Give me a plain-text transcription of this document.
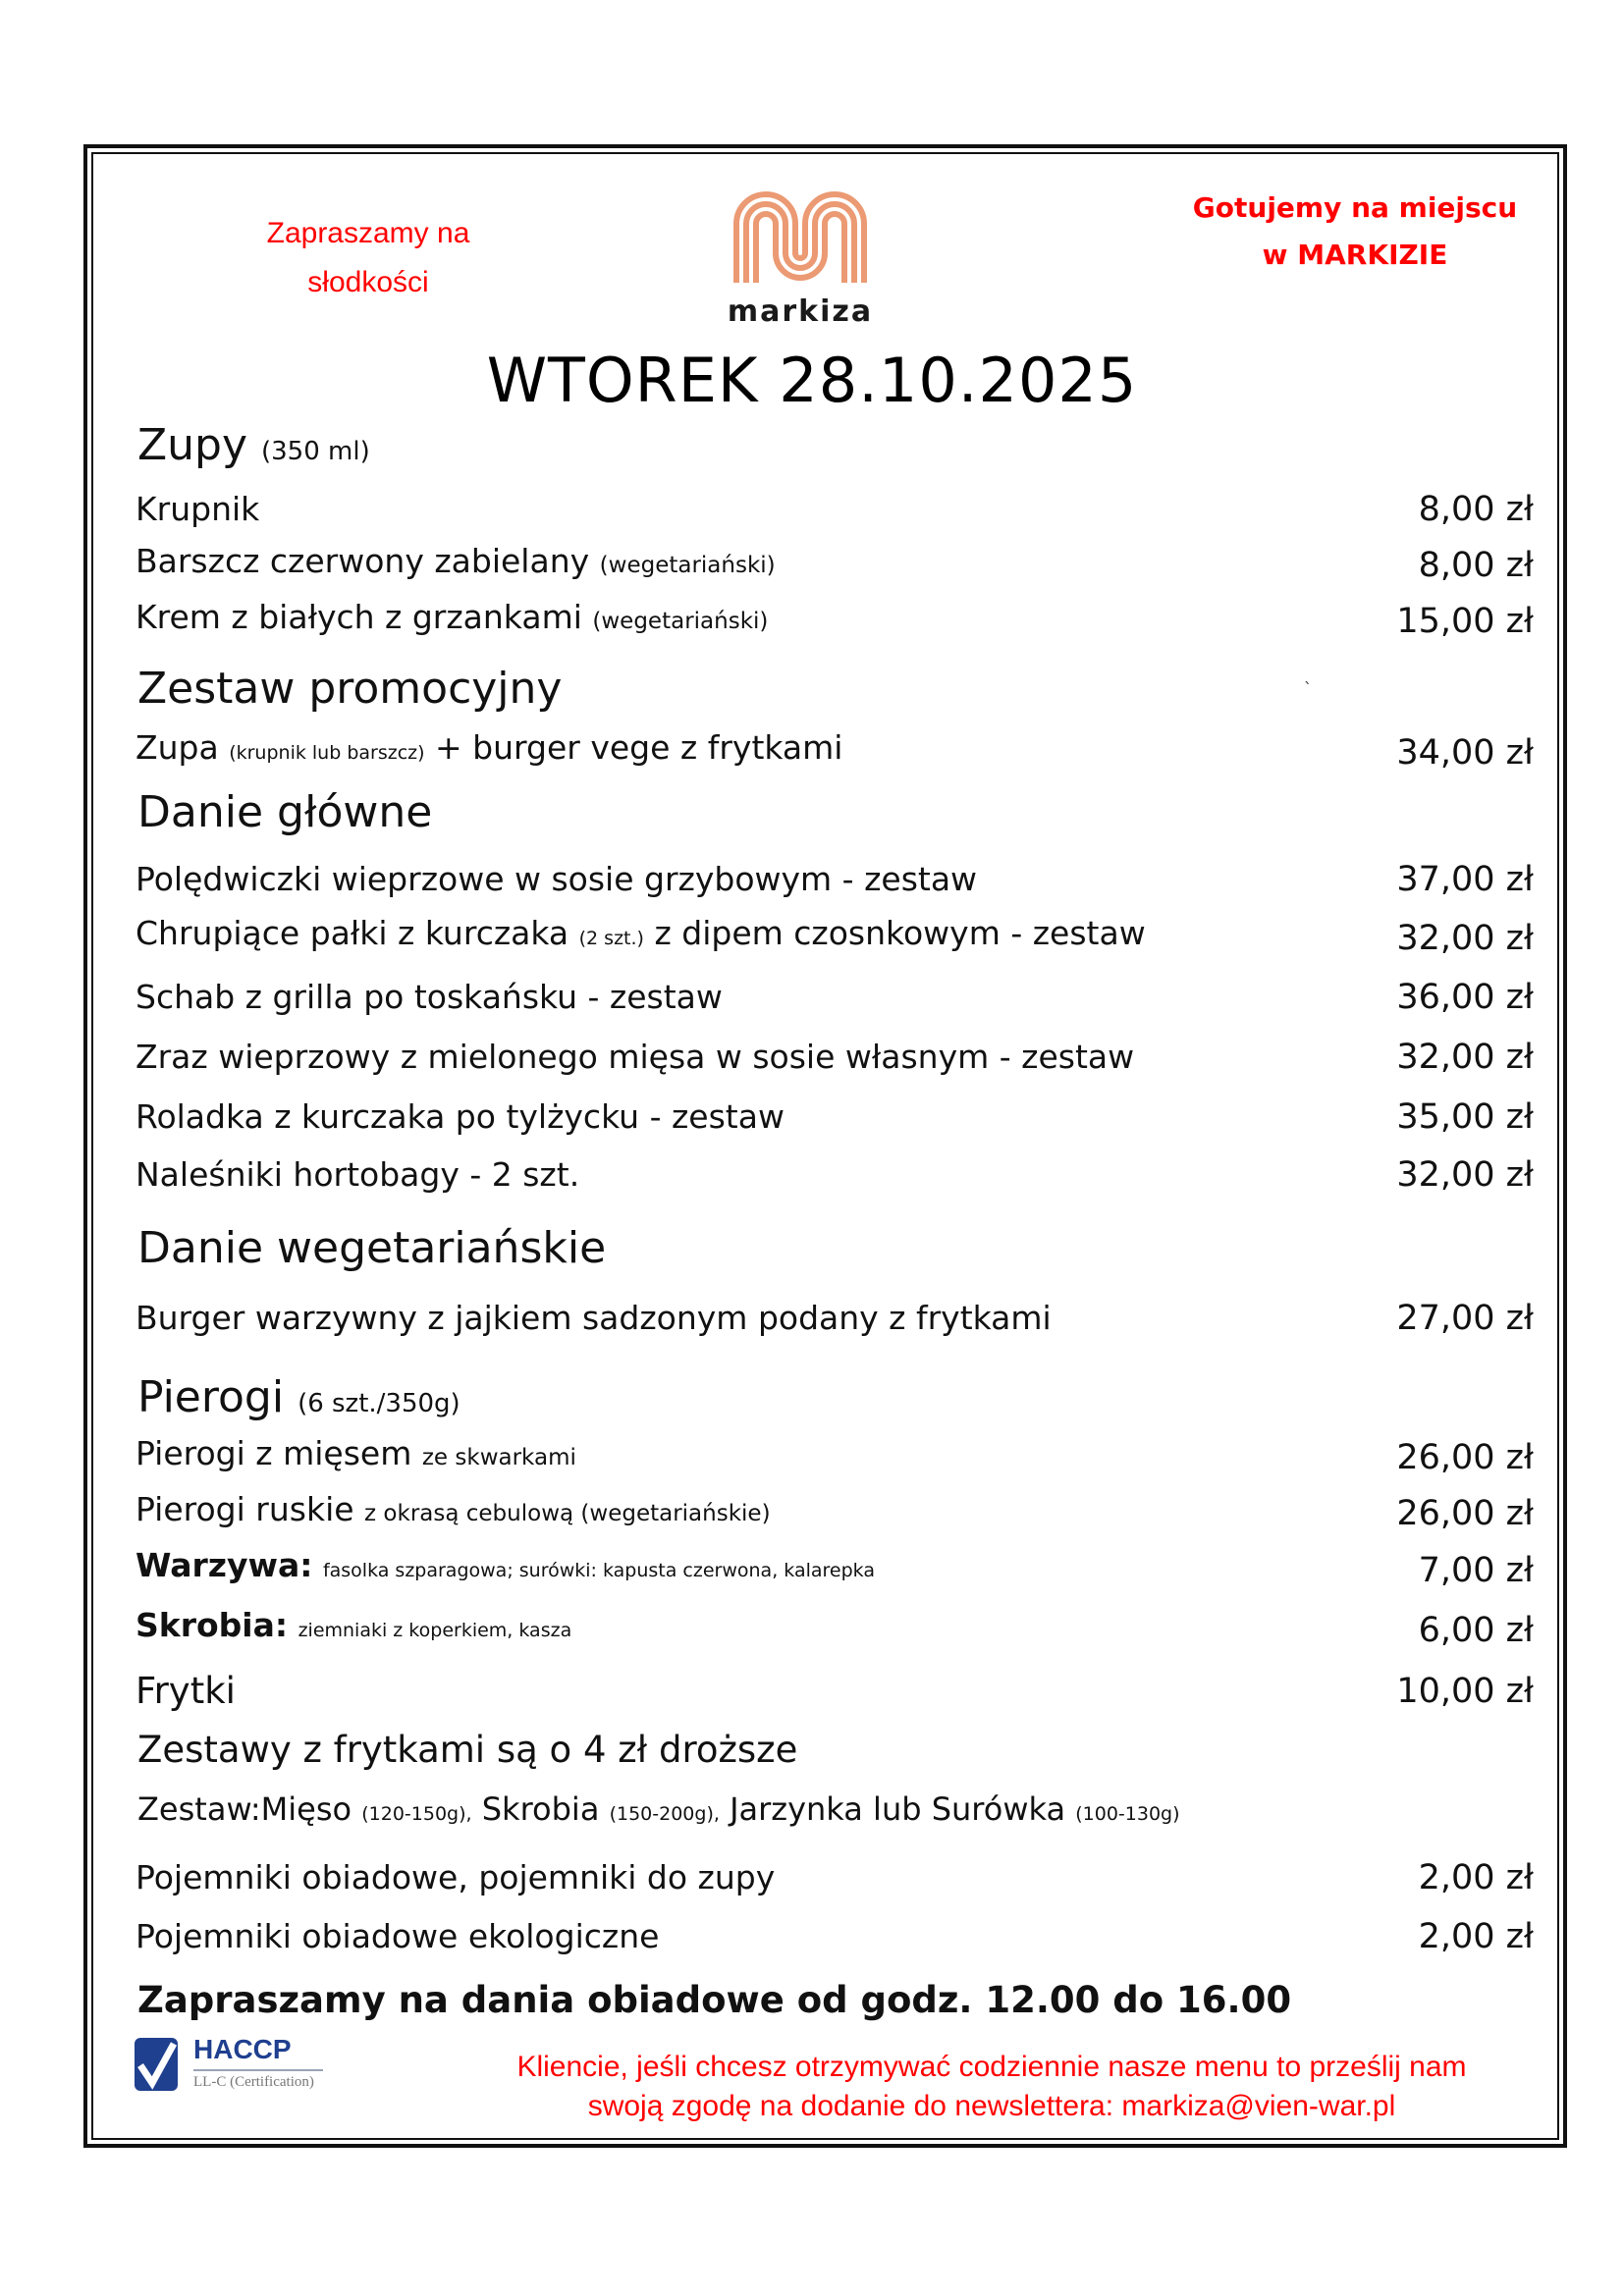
Zapraszamy na
słodkości
markiza
Gotujemy na miejscu
w MARKIZIE
WTOREK 28.10.2025
Zupy (350 ml)
Krupnik	8,00 zł
Barszcz czerwony zabielany (wegetariański)	8,00 zł
Krem z białych z grzankami (wegetariański)	15,00 zł
Zestaw promocyjny	`
Zupa (krupnik lub barszcz) + burger vege z frytkami	34,00 zł
Danie główne
Polędwiczki wieprzowe w sosie grzybowym - zestaw	37,00 zł
Chrupiące pałki z kurczaka (2 szt.) z dipem czosnkowym - zestaw	32,00 zł
Schab z grilla po toskańsku - zestaw	36,00 zł
Zraz wieprzowy z mielonego mięsa w sosie własnym - zestaw	32,00 zł
Roladka z kurczaka po tylżycku - zestaw	35,00 zł
Naleśniki hortobagy - 2 szt.	32,00 zł
Danie wegetariańskie
Burger warzywny z jajkiem sadzonym podany z frytkami	27,00 zł
Pierogi (6 szt./350g)
Pierogi z mięsem ze skwarkami	26,00 zł
Pierogi ruskie z okrasą cebulową (wegetariańskie)	26,00 zł
Warzywa: fasolka szparagowa; surówki: kapusta czerwona, kalarepka	7,00 zł
Skrobia: ziemniaki z koperkiem, kasza	6,00 zł
Frytki	10,00 zł
Zestawy z frytkami są o 4 zł droższe
Zestaw:Mięso (120-150g), Skrobia (150-200g), Jarzynka lub Surówka (100-130g)
Pojemniki obiadowe, pojemniki do zupy	2,00 zł
Pojemniki obiadowe ekologiczne	2,00 zł
Zapraszamy na dania obiadowe od godz. 12.00 do 16.00
HACCP
LL-C (Certification)	Kliencie, jeśli chcesz otrzymywać codziennie nasze menu to prześlij nam
swoją zgodę na dodanie do newslettera: markiza@vien-war.pl
